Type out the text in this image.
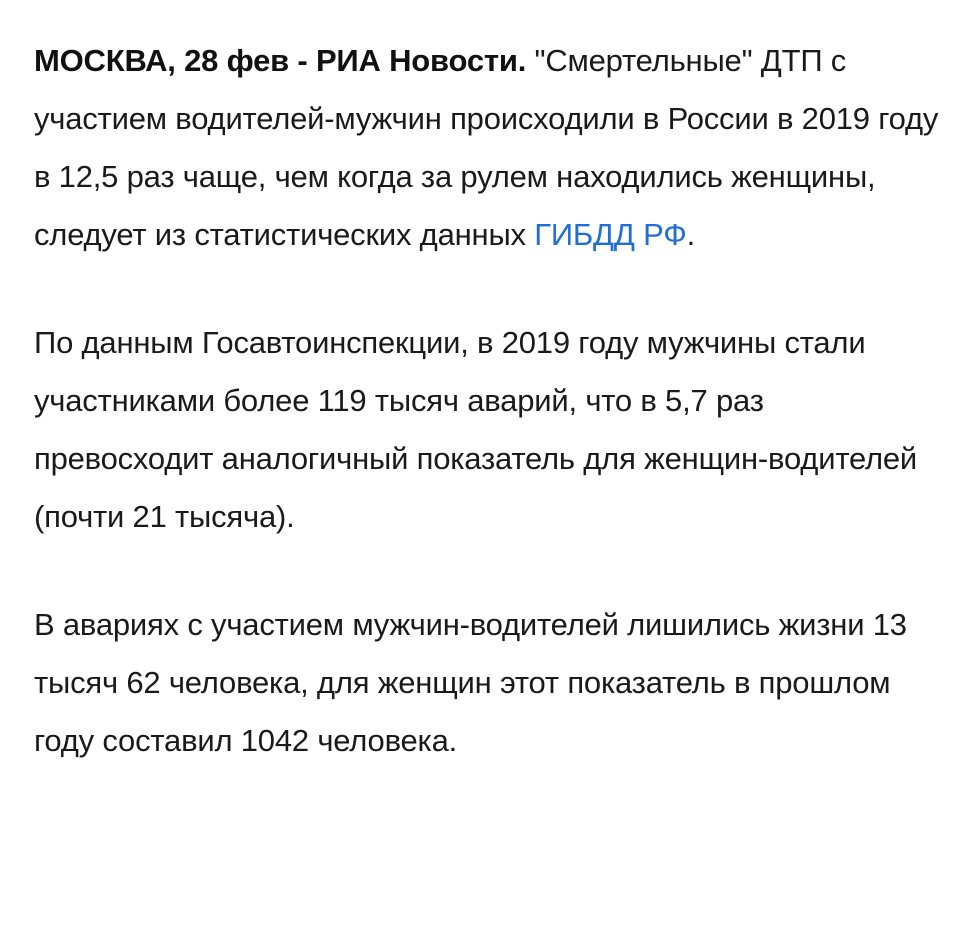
МОСКВА, 28 фев - РИА Новости. "Смертельные" ДТП с участием водителей-мужчин происходили в России в 2019 году в 12,5 раз чаще, чем когда за рулем находились женщины, следует из статистических данных ГИБДД РФ.

По данным Госавтоинспекции, в 2019 году мужчины стали участниками более 119 тысяч аварий, что в 5,7 раз превосходит аналогичный показатель для женщин-водителей (почти 21 тысяча).

В авариях с участием мужчин-водителей лишились жизни 13 тысяч 62 человека, для женщин этот показатель в прошлом году составил 1042 человека.
